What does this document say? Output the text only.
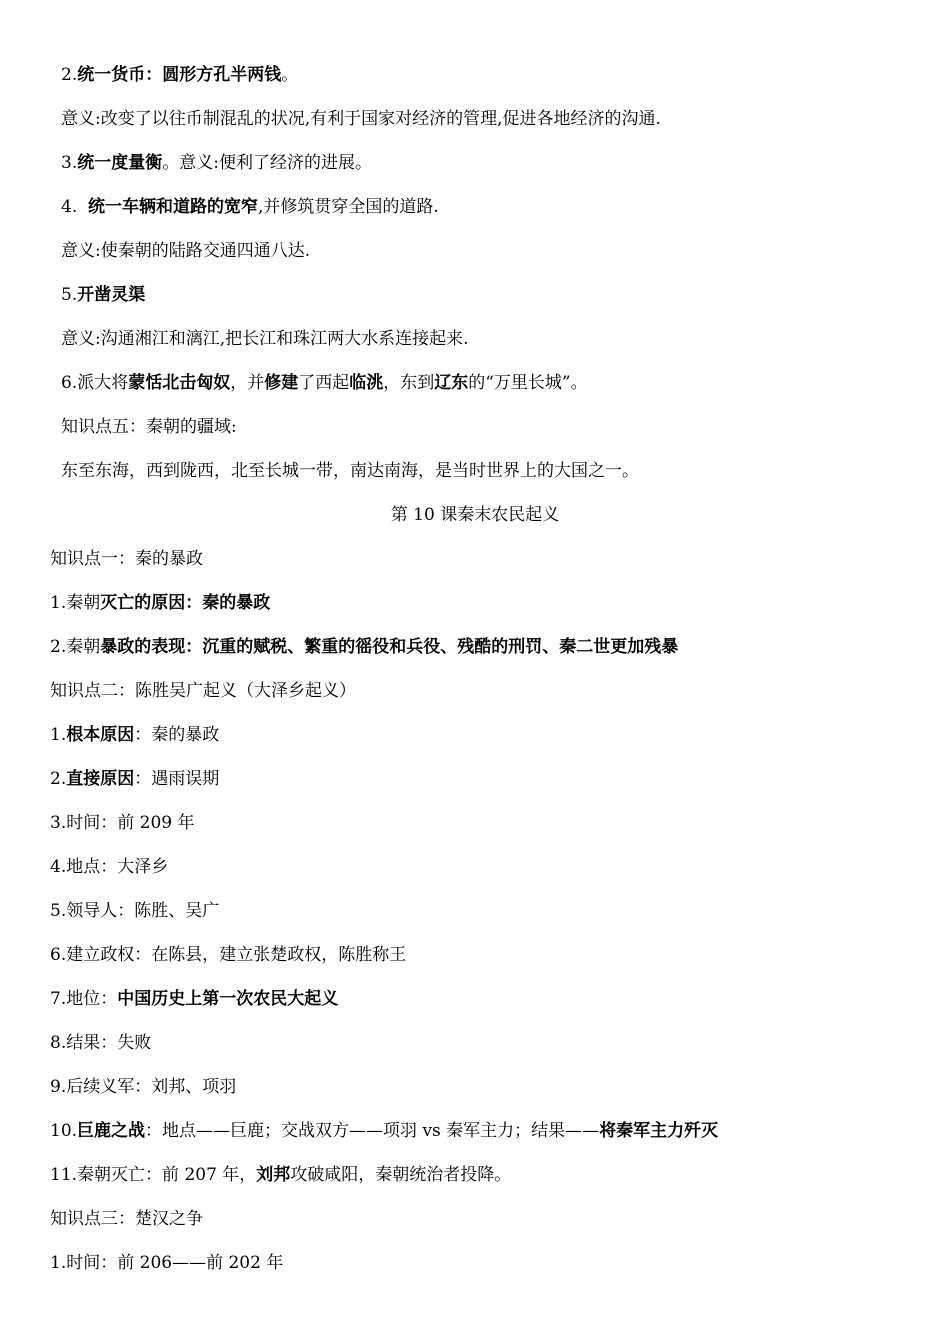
2.统一货币：圆形方孔半两钱。
意义:改变了以往币制混乱的状况,有利于国家对经济的管理,促进各地经济的沟通.
3.统一度量衡。意义:便利了经济的进展。
4.  统一车辆和道路的宽窄,并修筑贯穿全国的道路.
意义:使秦朝的陆路交通四通八达.
5.开凿灵渠
意义:沟通湘江和漓江,把长江和珠江两大水系连接起来.
6.派大将蒙恬北击匈奴，并修建了西起临洮，东到辽东的“万里长城”。
知识点五：秦朝的疆域:
东至东海，西到陇西，北至长城一带，南达南海，是当时世界上的大国之一。
第 10 课秦末农民起义
知识点一：秦的暴政
1.秦朝灭亡的原因：秦的暴政
2.秦朝暴政的表现：沉重的赋税、繁重的徭役和兵役、残酷的刑罚、秦二世更加残暴
知识点二：陈胜吴广起义（大泽乡起义）
1.根本原因：秦的暴政
2.直接原因：遇雨误期
3.时间：前 209 年
4.地点：大泽乡
5.领导人：陈胜、吴广
6.建立政权：在陈县，建立张楚政权，陈胜称王
7.地位：中国历史上第一次农民大起义
8.结果：失败
9.后续义军：刘邦、项羽
10.巨鹿之战：地点——巨鹿；交战双方——项羽 vs 秦军主力；结果——将秦军主力歼灭
11.秦朝灭亡：前 207 年，刘邦攻破咸阳，秦朝统治者投降。
知识点三：楚汉之争
1.时间：前 206——前 202 年
